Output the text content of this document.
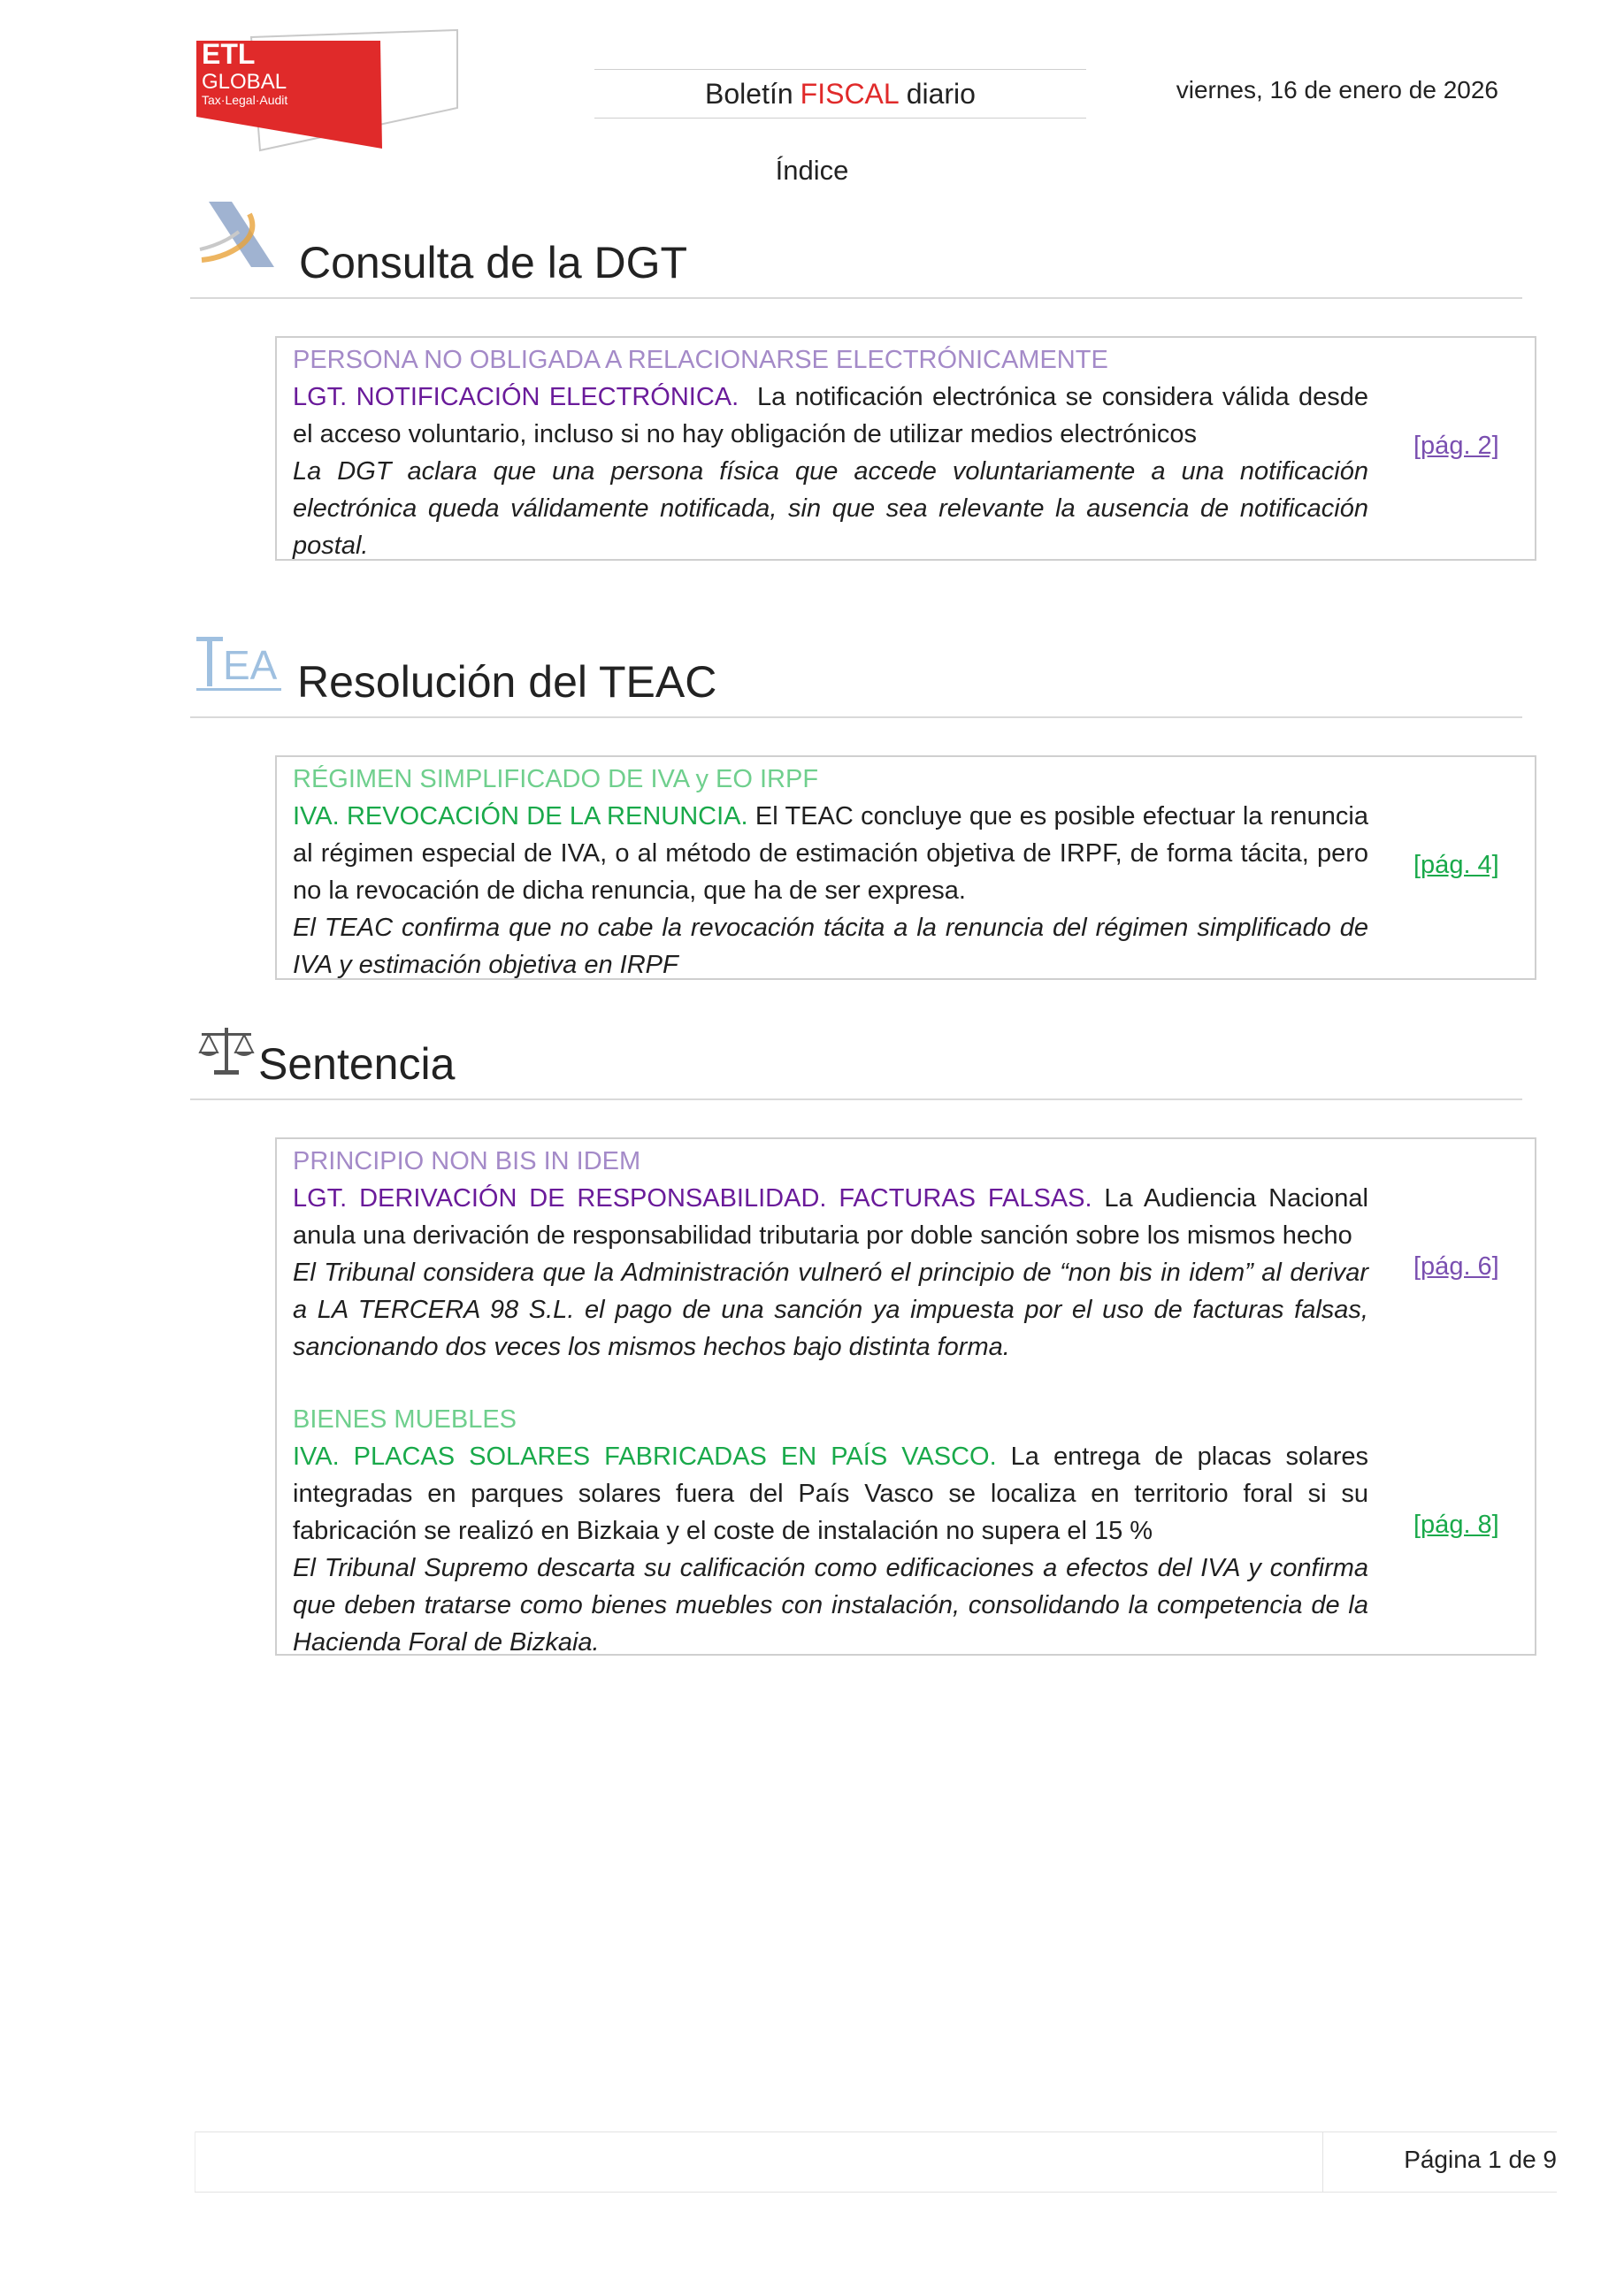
ETL
GLOBAL
Tax·Legal·Audit	Boletín FISCAL diario	viernes, 16 de enero de 2026
Índice
Consulta de la DGT
PERSONA NO OBLIGADA A RELACIONARSE ELECTRÓNICAMENTE

LGT. NOTIFICACIÓN ELECTRÓNICA. La notificación electrónica se considera válida desde el acceso voluntario, incluso si no hay obligación de utilizar medios electrónicos

La DGT aclara que una persona física que accede voluntariamente a una notificación electrónica queda válidamente notificada, sin que sea relevante la ausencia de notificación postal.

[pág. 2]
EA Resolución del TEAC
RÉGIMEN SIMPLIFICADO DE IVA y EO IRPF

IVA. REVOCACIÓN DE LA RENUNCIA. El TEAC concluye que es posible efectuar la renuncia al régimen especial de IVA, o al método de estimación objetiva de IRPF, de forma tácita, pero no la revocación de dicha renuncia, que ha de ser expresa.

El TEAC confirma que no cabe la revocación tácita a la renuncia del régimen simplificado de IVA y estimación objetiva en IRPF

[pág. 4]
Sentencia
PRINCIPIO NON BIS IN IDEM

LGT. DERIVACIÓN DE RESPONSABILIDAD. FACTURAS FALSAS. La Audiencia Nacional anula una derivación de responsabilidad tributaria por doble sanción sobre los mismos hecho

El Tribunal considera que la Administración vulneró el principio de “non bis in idem” al derivar a LA TERCERA 98 S.L. el pago de una sanción ya impuesta por el uso de facturas falsas, sancionando dos veces los mismos hechos bajo distinta forma.

[pág. 6]
BIENES MUEBLES

IVA. PLACAS SOLARES FABRICADAS EN PAÍS VASCO. La entrega de placas solares integradas en parques solares fuera del País Vasco se localiza en territorio foral si su fabricación se realizó en Bizkaia y el coste de instalación no supera el 15 %

El Tribunal Supremo descarta su calificación como edificaciones a efectos del IVA y confirma que deben tratarse como bienes muebles con instalación, consolidando la competencia de la Hacienda Foral de Bizkaia.

[pág. 8]
Página 1 de 9
